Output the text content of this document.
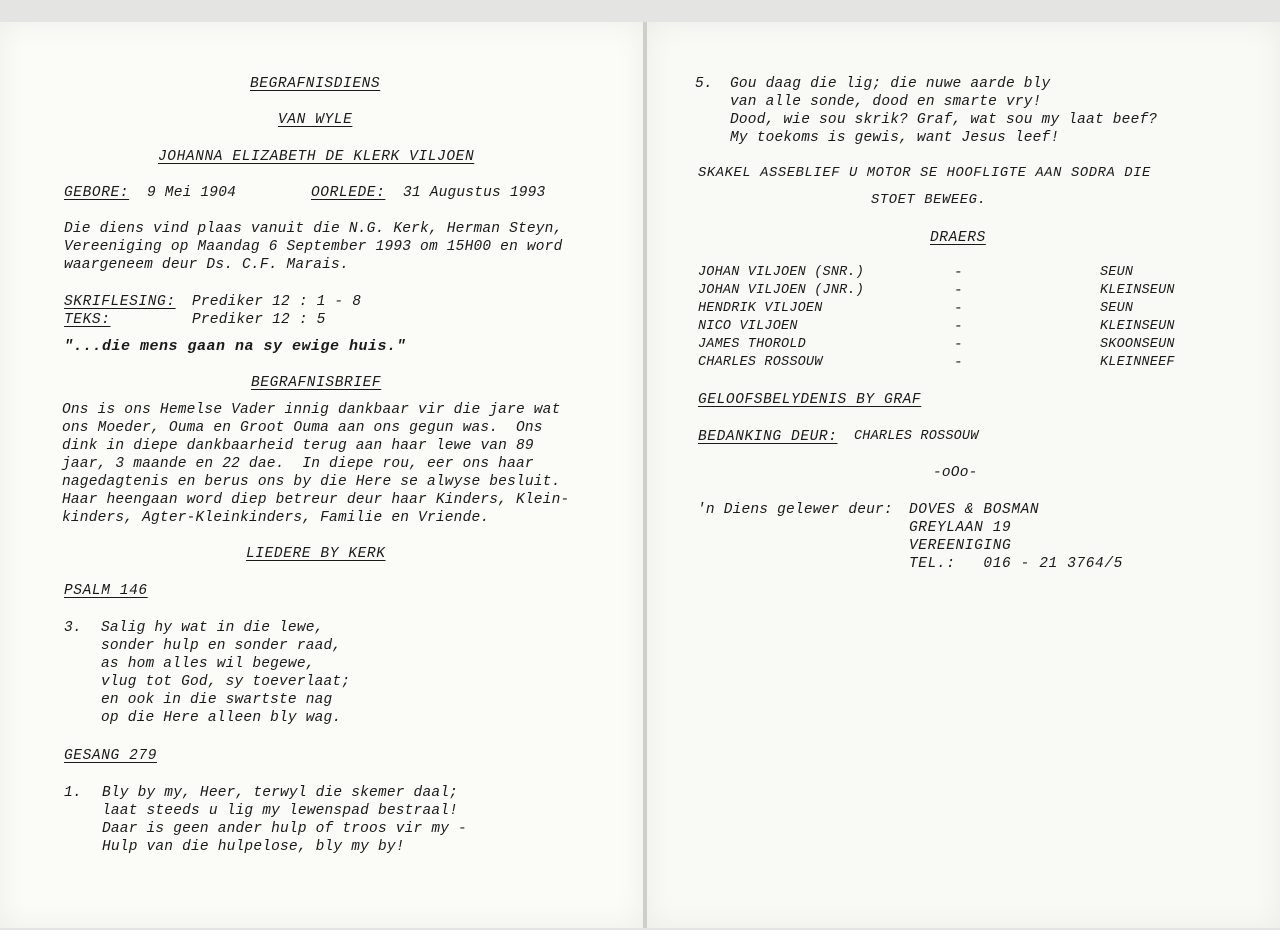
BEGRAFNISDIENS
VAN WYLE
JOHANNA ELIZABETH DE KLERK VILJOEN
GEBORE: 9 Mei 1904	OORLEDE: 31 Augustus 1993
Die diens vind plaas vanuit die N.G. Kerk, Herman Steyn,
Vereeniging op Maandag 6 September 1993 om 15H00 en word
waargeneem deur Ds. C.F. Marais.
SKRIFLESING: Prediker 12 : 1 - 8
TEKS:	Prediker 12 : 5
"...die mens gaan na sy ewige huis."
BEGRAFNISBRIEF
Ons is ons Hemelse Vader innig dankbaar vir die jare wat
ons Moeder, Ouma en Groot Ouma aan ons gegun was.  Ons
dink in diepe dankbaarheid terug aan haar lewe van 89
jaar, 3 maande en 22 dae.  In diepe rou, eer ons haar
nagedagtenis en berus ons by die Here se alwyse besluit.
Haar heengaan word diep betreur deur haar Kinders, Klein-
kinders, Agter-Kleinkinders, Familie en Vriende.
LIEDERE BY KERK
PSALM 146
3. Salig hy wat in die lewe,
sonder hulp en sonder raad,
as hom alles wil begewe,
vlug tot God, sy toeverlaat;
en ook in die swartste nag
op die Here alleen bly wag.
GESANG 279
1. Bly by my, Heer, terwyl die skemer daal;
laat steeds u lig my lewenspad bestraal!
Daar is geen ander hulp of troos vir my -
Hulp van die hulpelose, bly my by!
5. Gou daag die lig; die nuwe aarde bly
van alle sonde, dood en smarte vry!
Dood, wie sou skrik? Graf, wat sou my laat beef?
My toekoms is gewis, want Jesus leef!
SKAKEL ASSEBLIEF U MOTOR SE HOOFLIGTE AAN SODRA DIE
STOET BEWEEG.
DRAERS
JOHAN VILJOEN (SNR.)	-	SEUN
JOHAN VILJOEN (JNR.)	-	KLEINSEUN
HENDRIK VILJOEN	-	SEUN
NICO VILJOEN	-	KLEINSEUN
JAMES THOROLD	-	SKOONSEUN
CHARLES ROSSOUW	-	KLEINNEEF
GELOOFSBELYDENIS BY GRAF
BEDANKING DEUR: CHARLES ROSSOUW
-oOo-
'n Diens gelewer deur: DOVES & BOSMAN
GREYLAAN 19
VEREENIGING
TEL.:   016 - 21 3764/5
